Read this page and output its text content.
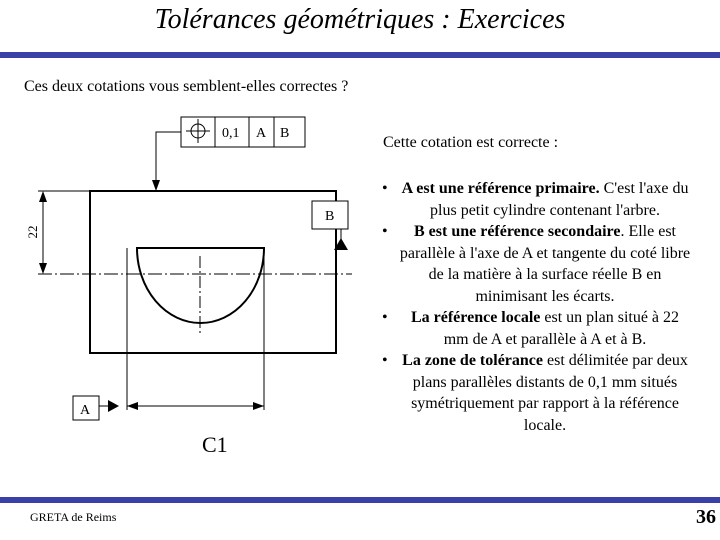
Tolérances géométriques : Exercices
Ces deux cotations vous semblent-elles correctes ?
0,1 A B
22
B
A
C1
Cette cotation est correcte :
• A est une référence primaire. C'est l'axe du plus petit cylindre contenant l'arbre.
• B est une référence secondaire. Elle est parallèle à l'axe de A et tangente du coté libre de la matière à la surface réelle B en minimisant les écarts.
• La référence locale est un plan situé à 22 mm de A et parallèle à A et à B.
• La zone de tolérance est délimitée par deux plans parallèles distants de 0,1 mm situés symétriquement par rapport à la référence locale.
GRETA de Reims	36
